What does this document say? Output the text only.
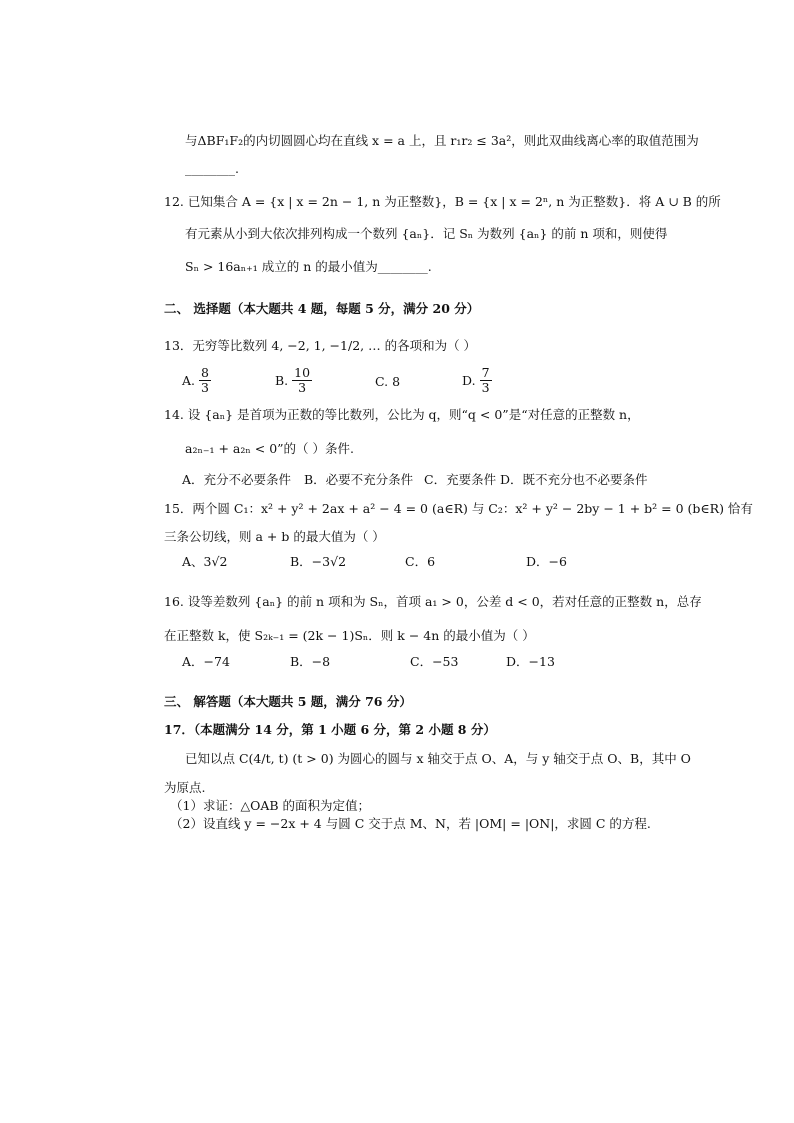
与ΔBF₁F₂的内切圆圆心均在直线 x = a 上，且 r₁r₂ ≤ 3a²，则此双曲线离心率的取值范围为
________.
12. 已知集合 A = {x | x = 2n − 1, n 为正整数}，B = {x | x = 2ⁿ, n 为正整数}．将 A ∪ B 的所
有元素从小到大依次排列构成一个数列 {aₙ}．记 Sₙ 为数列 {aₙ} 的前 n 项和，则使得
Sₙ > 16aₙ₊₁ 成立的 n 的最小值为________.
二、 选择题（本大题共 4 题，每题 5 分，满分 20 分）
13．无穷等比数列 4, −2, 1, −1/2, … 的各项和为（ ）
A. $\frac{8}{3}$	B. $\frac{10}{3}$	C. 8	D. $\frac{7}{3}$
14. 设 {aₙ} 是首项为正数的等比数列，公比为 q，则“q < 0”是“对任意的正整数 n，
a₂ₙ₋₁ + a₂ₙ < 0”的（ ）条件.
A．充分不必要条件 B．必要不充分条件 C．充要条件 D．既不充分也不必要条件
15．两个圆 C₁：x² + y² + 2ax + a² − 4 = 0 (a∈R) 与 C₂：x² + y² − 2by − 1 + b² = 0 (b∈R) 恰有
三条公切线，则 a + b 的最大值为（ ）
A、3√2	B．−3√2	C．6	D．−6
16. 设等差数列 {aₙ} 的前 n 项和为 Sₙ，首项 a₁ > 0，公差 d < 0，若对任意的正整数 n，总存
在正整数 k，使 S₂ₖ₋₁ = (2k − 1)Sₙ．则 k − 4n 的最小值为（ ）
A．−74	B．−8	C．−53	D．−13
三、 解答题（本大题共 5 题，满分 76 分）
17．（本题满分 14 分，第 1 小题 6 分，第 2 小题 8 分）
已知以点 C(4/t, t) (t > 0) 为圆心的圆与 x 轴交于点 O、A，与 y 轴交于点 O、B，其中 O
为原点.
（1）求证：△OAB 的面积为定值；
（2）设直线 y = −2x + 4 与圆 C 交于点 M、N，若 |OM| = |ON|，求圆 C 的方程.
